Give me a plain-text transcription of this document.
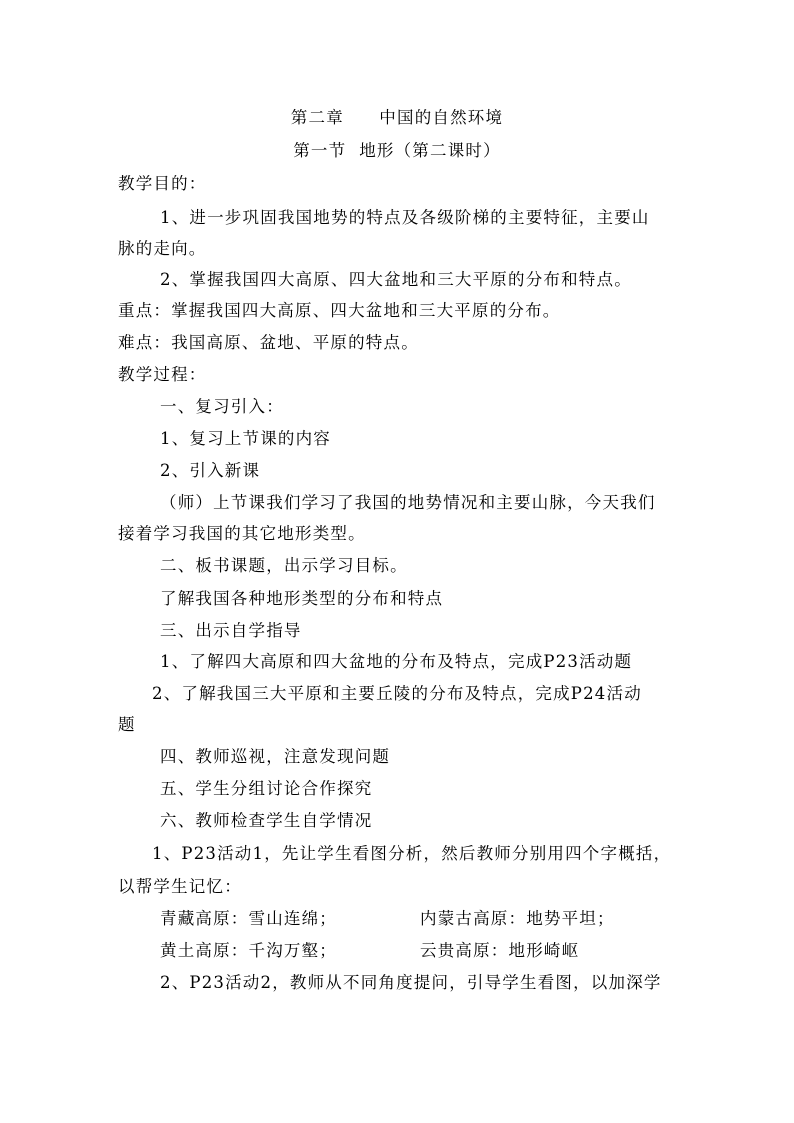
第二章　　中国的自然环境
第一节  地形（第二课时）
教学目的：
1、进一步巩固我国地势的特点及各级阶梯的主要特征，主要山
脉的走向。
2、掌握我国四大高原、四大盆地和三大平原的分布和特点。
重点：掌握我国四大高原、四大盆地和三大平原的分布。
难点：我国高原、盆地、平原的特点。
教学过程：
一、复习引入：
1、复习上节课的内容
2、引入新课
（师）上节课我们学习了我国的地势情况和主要山脉，今天我们
接着学习我国的其它地形类型。
二、板书课题，出示学习目标。
了解我国各种地形类型的分布和特点
三、出示自学指导
1、了解四大高原和四大盆地的分布及特点，完成P23活动题
2、了解我国三大平原和主要丘陵的分布及特点，完成P24活动
题
四、教师巡视，注意发现问题
五、学生分组讨论合作探究
六、教师检查学生自学情况
1、P23活动1，先让学生看图分析，然后教师分别用四个字概括，
以帮学生记忆：
青藏高原：雪山连绵；	内蒙古高原：地势平坦；
黄土高原：千沟万壑；	云贵高原：地形崎岖
2、P23活动2，教师从不同角度提问，引导学生看图，以加深学
